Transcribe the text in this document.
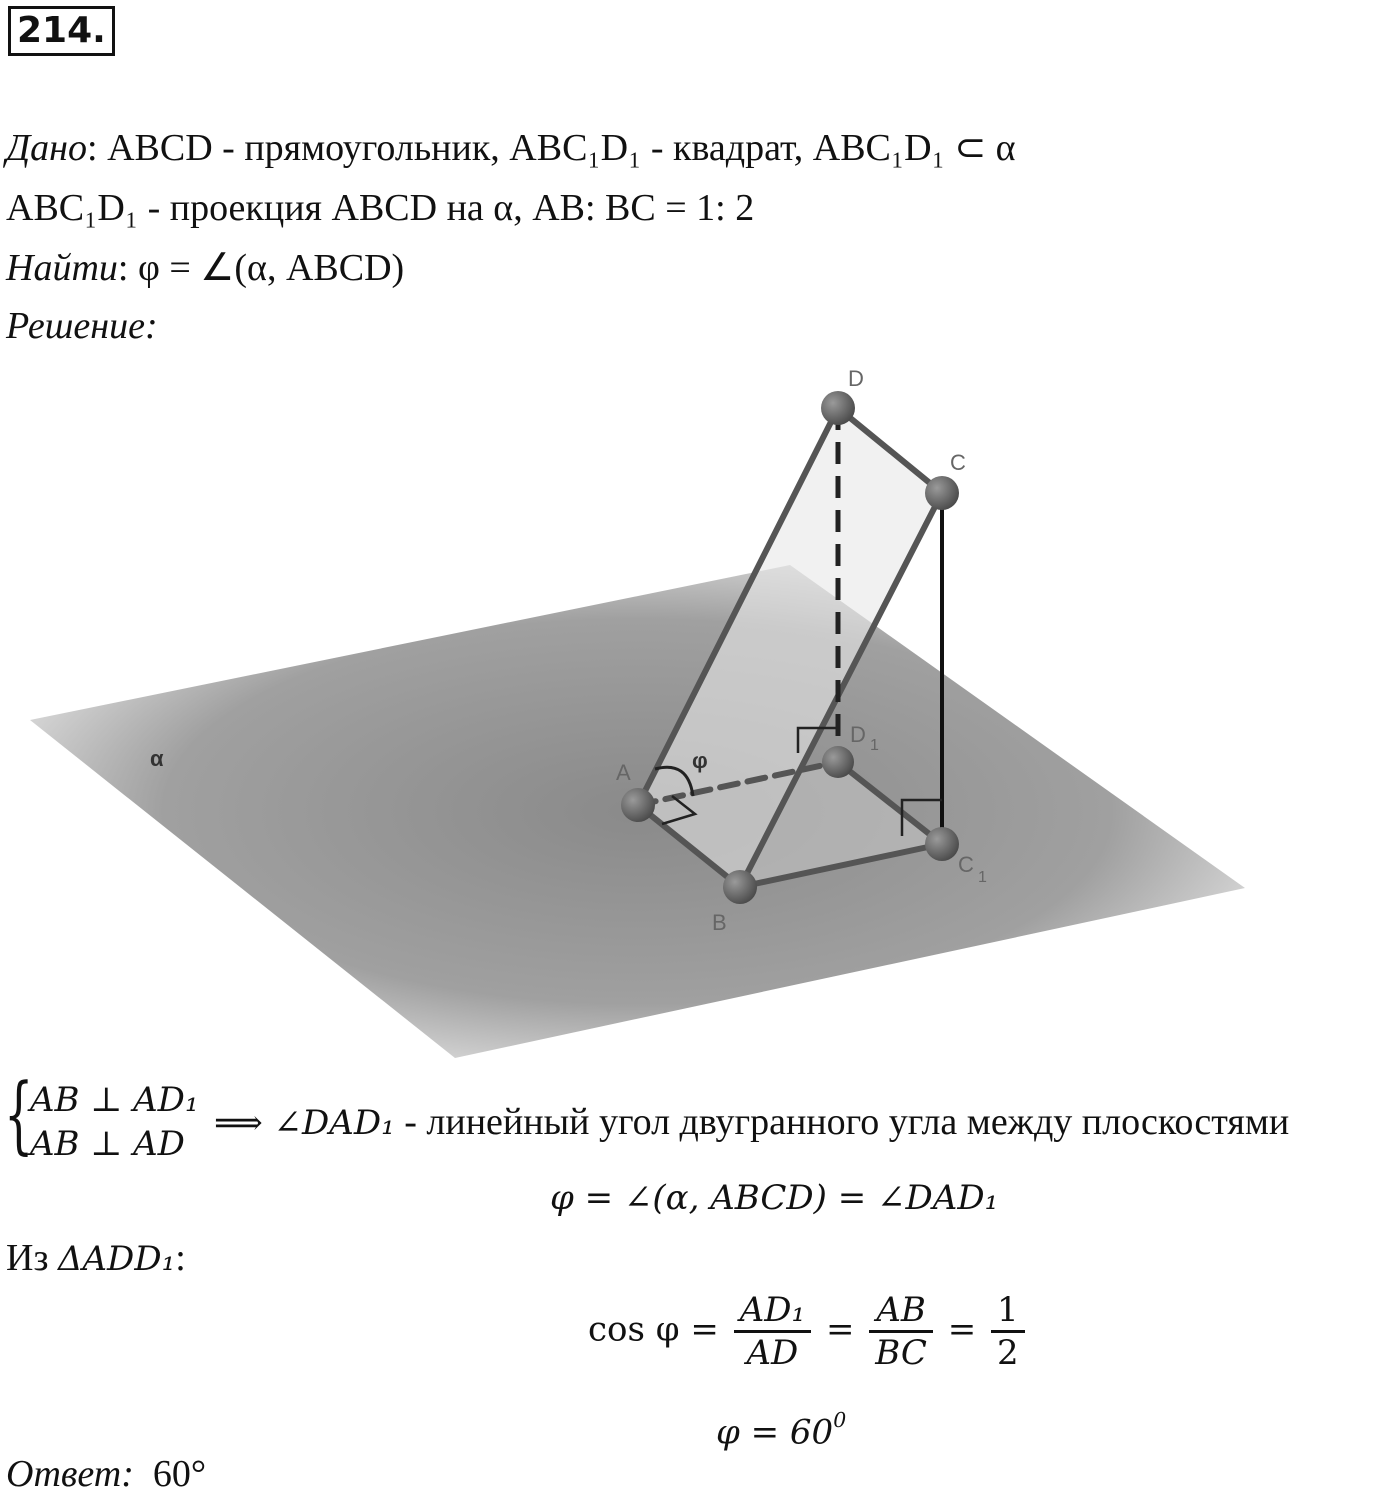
214.
Дано: ABCD - прямоугольник, ABC₁D₁ - квадрат, ABC₁D₁ ⊂ α
ABC₁D₁ - проекция ABCD на α, AB: BC = 1: 2
Найти: φ = ∠(α, ABCD)
Решение:
D
C
A
B
D 1
C
1
α	φ
{
AB ⊥ AD₁
AB ⊥ AD
⟹ ∠DAD₁ - линейный угол двугранного угла между плоскостями
φ = ∠(α, ABCD) = ∠DAD₁
Из ΔADD₁:
$\cos \varphi = \frac{\text{AD₁}}{AD} = \frac{AB}{BC} = \frac{1}{2}$
$\varphi = 60^0$
Ответ: 60°
